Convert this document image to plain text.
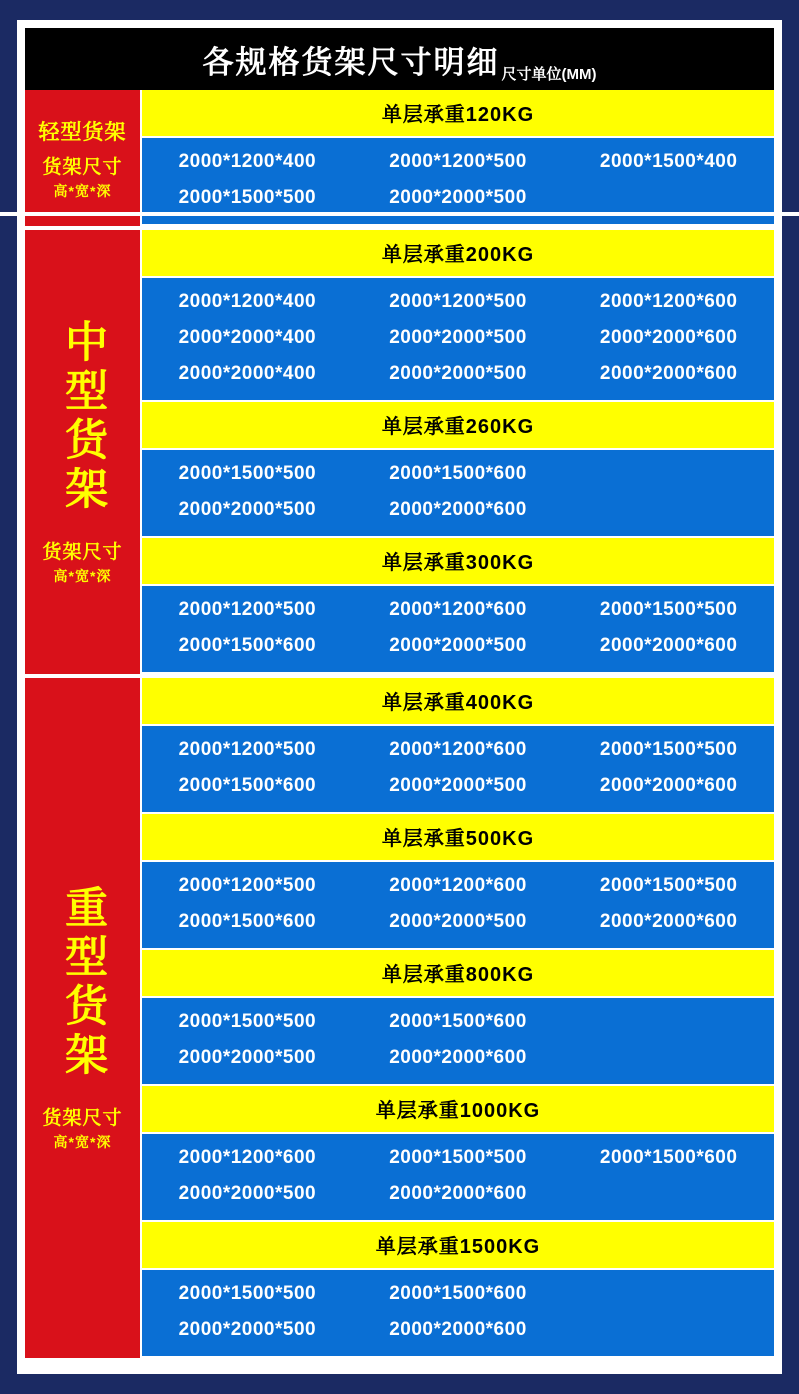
各规格货架尺寸明细 尺寸单位(MM)
轻型货架
货架尺寸
高*宽*深
单层承重120KG
2000*1200*400	2000*1200*500	2000*1500*400
2000*1500*500	2000*2000*500

中型货架
货架尺寸
高*宽*深
单层承重200KG
2000*1200*400	2000*1200*500	2000*1200*600
2000*2000*400	2000*2000*500	2000*2000*600
2000*2000*400	2000*2000*500	2000*2000*600
单层承重260KG
2000*1500*500	2000*1500*600

2000*2000*500	2000*2000*600

单层承重300KG
2000*1200*500	2000*1200*600	2000*1500*500
2000*1500*600	2000*2000*500	2000*2000*600
重型货架
货架尺寸
高*宽*深
单层承重400KG
2000*1200*500	2000*1200*600	2000*1500*500
2000*1500*600	2000*2000*500	2000*2000*600
单层承重500KG
2000*1200*500	2000*1200*600	2000*1500*500
2000*1500*600	2000*2000*500	2000*2000*600
单层承重800KG
2000*1500*500	2000*1500*600

2000*2000*500	2000*2000*600

单层承重1000KG
2000*1200*600	2000*1500*500	2000*1500*600
2000*2000*500	2000*2000*600

单层承重1500KG
2000*1500*500	2000*1500*600

2000*2000*500	2000*2000*600
